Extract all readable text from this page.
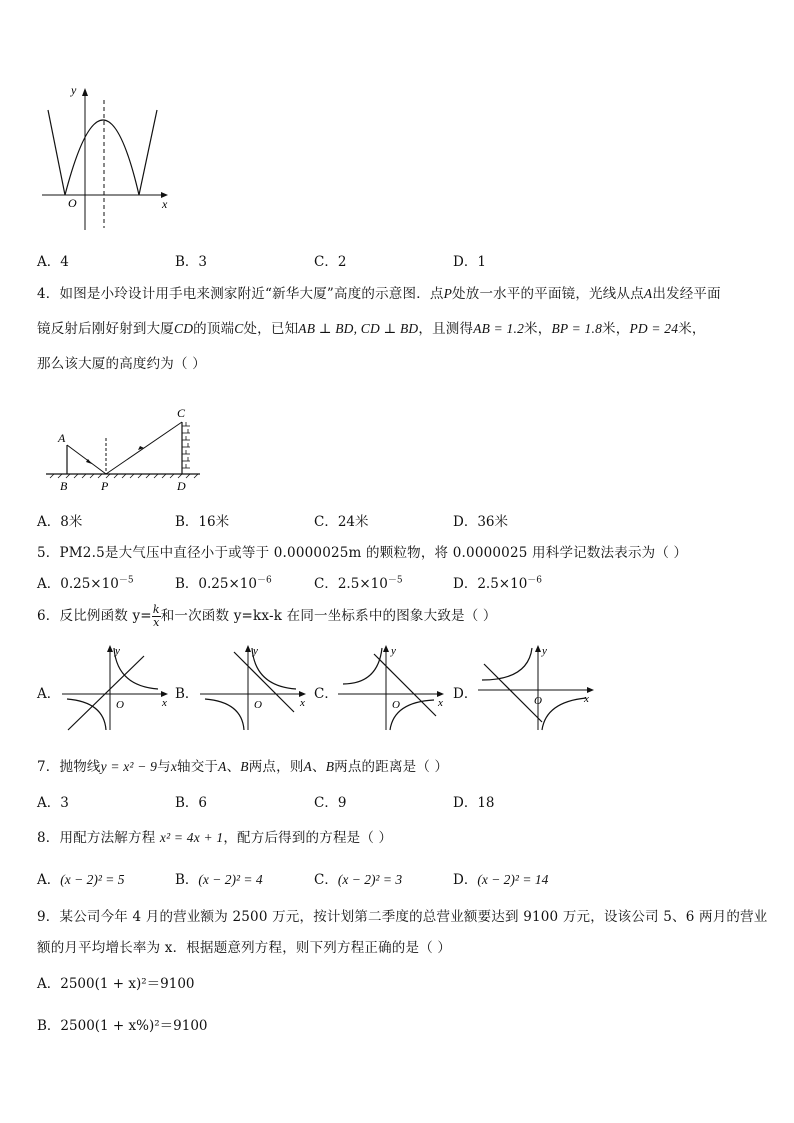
y
O	x
A．4	B．3	C．2	D．1
4．如图是小玲设计用手电来测家附近“新华大厦”高度的示意图．点P处放一水平的平面镜，光线从点A出发经平面
镜反射后刚好射到大厦CD的顶端C处，已知AB ⊥ BD, CD ⊥ BD，且测得AB = 1.2米，BP = 1.8米，PD = 24米，
那么该大厦的高度约为（ ）
A
B	P
C
D
A．8米	B．16米	C．24米	D．36米
5．PM2.5是大气压中直径小于或等于 0.0000025m 的颗粒物，将 0.0000025 用科学记数法表示为（ ）
A．$0.25\times 10^{-5}$	B．$0.25\times 10^{-6}$	C．$2.5\times 10^{-5}$	D．$2.5\times 10^{-6}$
6．反比例函数 $y= \frac{k}{x}$ 和一次函数 y=kx-k 在同一坐标系中的图象大致是（ ）
A．
y
O	x
B．
y
O	x
C．
y
O	x
D．
y
O	x
7．抛物线y = x² − 9与x轴交于A、B两点，则A、B两点的距离是（ ）
A．3	B．6	C．9	D．18
8．用配方法解方程 x² = 4x + 1，配方后得到的方程是（ ）
A．(x − 2)² = 5	B．(x − 2)² = 4	C．(x − 2)² = 3	D．(x − 2)² = 14
9．某公司今年 4 月的营业额为 2500 万元，按计划第二季度的总营业额要达到 9100 万元，设该公司 5、6 两月的营业
额的月平均增长率为 x．根据题意列方程，则下列方程正确的是（ ）
A．2500(1 + x)²＝9100
B．2500(1 + x%)²＝9100
